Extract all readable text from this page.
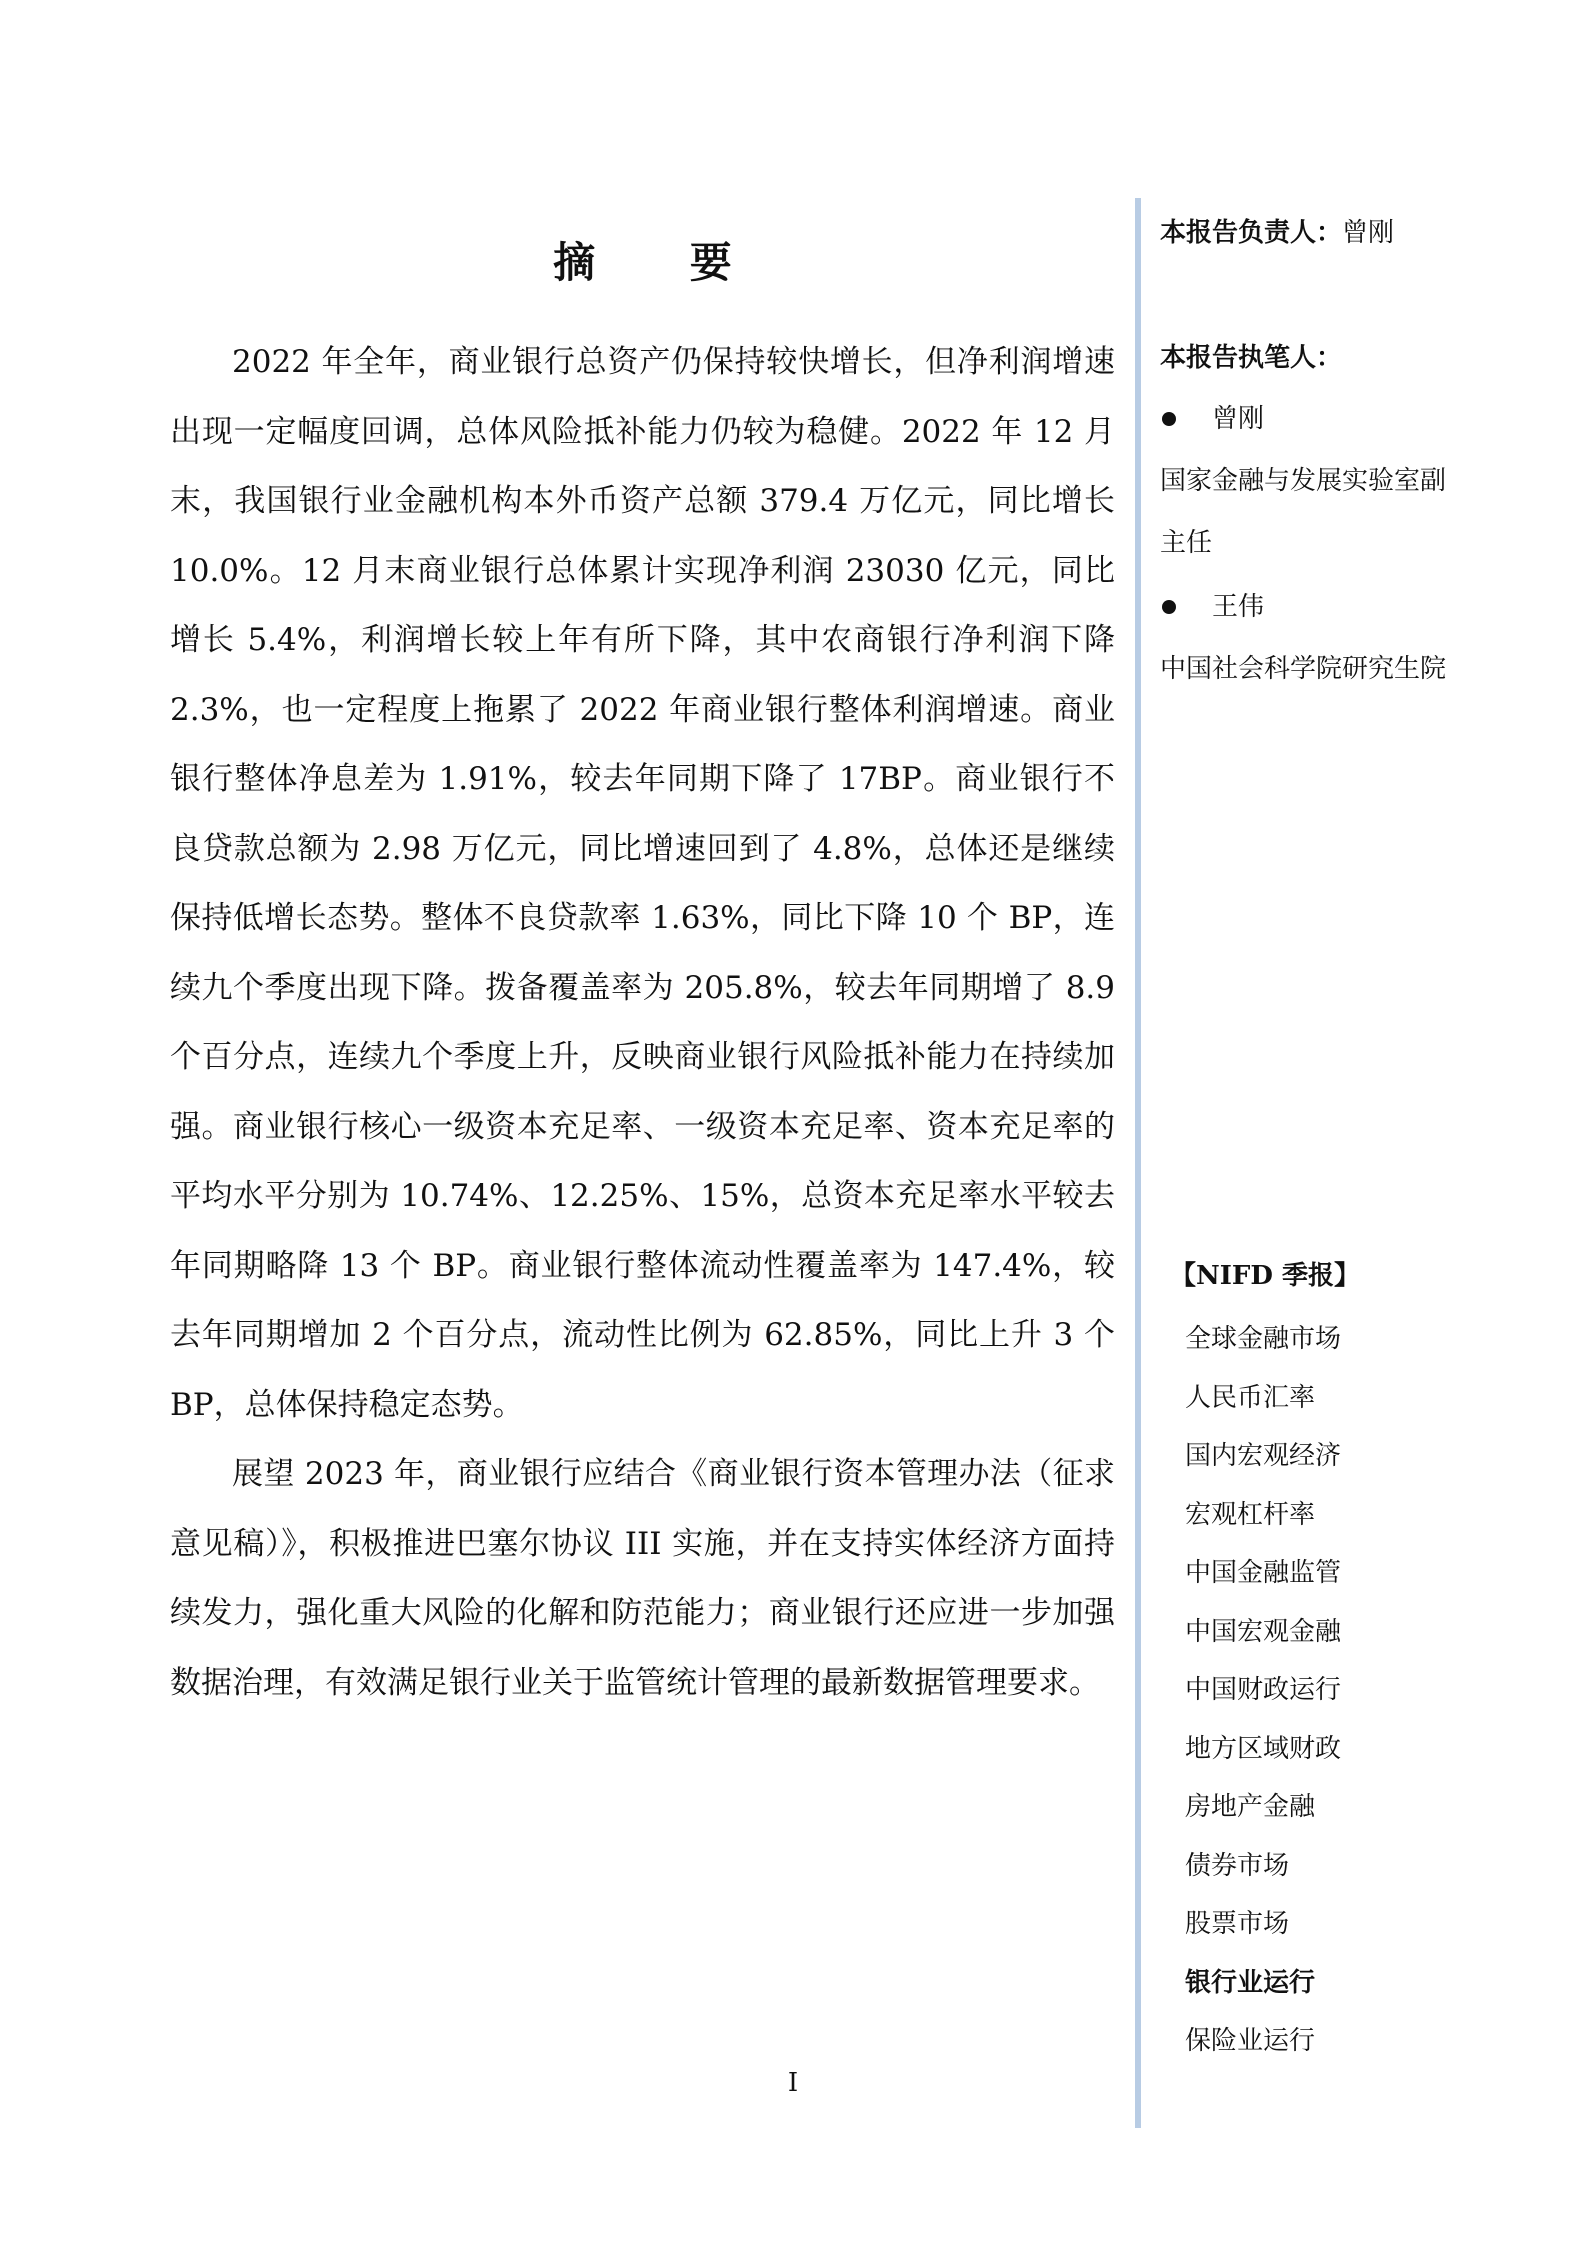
摘 要

2022 年全年，商业银行总资产仍保持较快增长，但净利润增速出现一定幅度回调，总体风险抵补能力仍较为稳健。2022 年 12 月末，我国银行业金融机构本外币资产总额 379.4 万亿元，同比增长 10.0%。12 月末商业银行总体累计实现净利润 23030 亿元，同比增长 5.4%，利润增长较上年有所下降，其中农商银行净利润下降 2.3%，也一定程度上拖累了 2022 年商业银行整体利润增速。商业银行整体净息差为 1.91%，较去年同期下降了 17BP。商业银行不良贷款总额为 2.98 万亿元，同比增速回到了 4.8%，总体还是继续保持低增长态势。整体不良贷款率 1.63%，同比下降 10 个 BP，连续九个季度出现下降。拨备覆盖率为 205.8%，较去年同期增了 8.9 个百分点，连续九个季度上升，反映商业银行风险抵补能力在持续加强。商业银行核心一级资本充足率、一级资本充足率、资本充足率的平均水平分别为 10.74%、12.25%、15%，总资本充足率水平较去年同期略降 13 个 BP。商业银行整体流动性覆盖率为 147.4%，较去年同期增加 2 个百分点，流动性比例为 62.85%，同比上升 3 个 BP，总体保持稳定态势。

展望 2023 年，商业银行应结合《商业银行资本管理办法（征求意见稿）》，积极推进巴塞尔协议 III 实施，并在支持实体经济方面持续发力，强化重大风险的化解和防范能力；商业银行还应进一步加强数据治理，有效满足银行业关于监管统计管理的最新数据管理要求。

本报告负责人：曾刚
本报告执笔人：
曾刚
国家金融与发展实验室副主任
王伟
中国社会科学院研究生院
【NIFD 季报】
全球金融市场
人民币汇率
国内宏观经济
宏观杠杆率
中国金融监管
中国宏观金融
中国财政运行
地方区域财政
房地产金融
债券市场
股票市场
银行业运行
保险业运行
I
